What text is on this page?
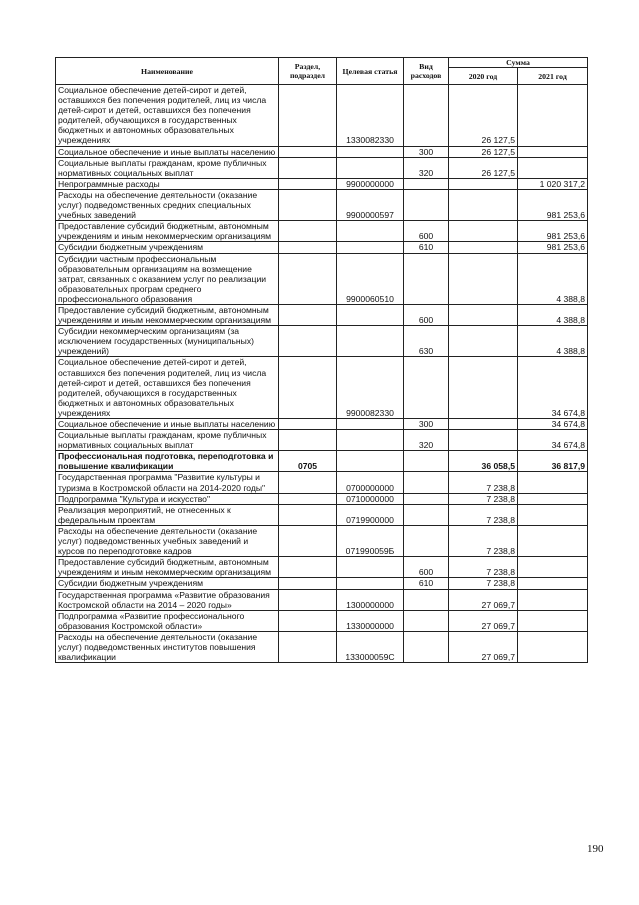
Наименование	Раздел, подраздел	Целевая статья	Вид расходов	Сумма	
				2020 год	2021 год
Социальное обеспечение детей-сирот и детей, оставшихся без попечения родителей, лиц из числа детей-сирот и детей, оставшихся без попечения родителей, обучающихся в государственных бюджетных и автономных образовательных учреждениях		1330082330		26 127,5	
Социальное обеспечение и иные выплаты населению			300	26 127,5	
Социальные выплаты гражданам, кроме публичных нормативных социальных выплат			320	26 127,5	
Непрограммные расходы		9900000000			1 020 317,2
Расходы на обеспечение деятельности (оказание услуг) подведомственных средних специальных учебных заведений		9900000597			981 253,6
Предоставление субсидий бюджетным, автономным учреждениям и иным некоммерческим организациям			600		981 253,6
Субсидии бюджетным учреждениям			610		981 253,6
Субсидии частным профессиональным образовательным организациям на возмещение затрат, связанных с оказанием услуг по реализации образовательных програм среднего профессионального образования		9900060510			4 388,8
Предоставление субсидий бюджетным, автономным учреждениям и иным некоммерческим организациям			600		4 388,8
Субсидии некоммерческим организациям (за исключением государственных (муниципальных) учреждений)			630		4 388,8
Социальное обеспечение детей-сирот и детей, оставшихся без попечения родителей, лиц из числа детей-сирот и детей, оставшихся без попечения родителей, обучающихся в государственных бюджетных и автономных образовательных учреждениях		9900082330			34 674,8
Социальное обеспечение и иные выплаты населению			300		34 674,8
Социальные выплаты гражданам, кроме публичных нормативных социальных выплат			320		34 674,8
Профессиональная подготовка, переподготовка и повышение квалификации	0705			36 058,5	36 817,9
Государственная программа "Развитие культуры и туризма в Костромской области на 2014-2020 годы"		0700000000		7 238,8	
Подпрограмма "Культура и искусство"		0710000000		7 238,8	
Реализация мероприятий, не отнесенных к федеральным проектам		0719900000		7 238,8	
Расходы на обеспечение деятельности (оказание услуг) подведомственных учебных заведений и курсов по переподготовке кадров		071990059Б		7 238,8	
Предоставление субсидий бюджетным, автономным учреждениям и иным некоммерческим организациям			600	7 238,8	
Субсидии бюджетным учреждениям			610	7 238,8	
Государственная программа «Развитие образования Костромской области на 2014 – 2020 годы»		1300000000		27 069,7	
Подпрограмма «Развитие профессионального образования Костромской области»		1330000000		27 069,7	
Расходы на обеспечение деятельности (оказание услуг) подведомственных институтов повышения квалификации		133000059С		27 069,7	
190
